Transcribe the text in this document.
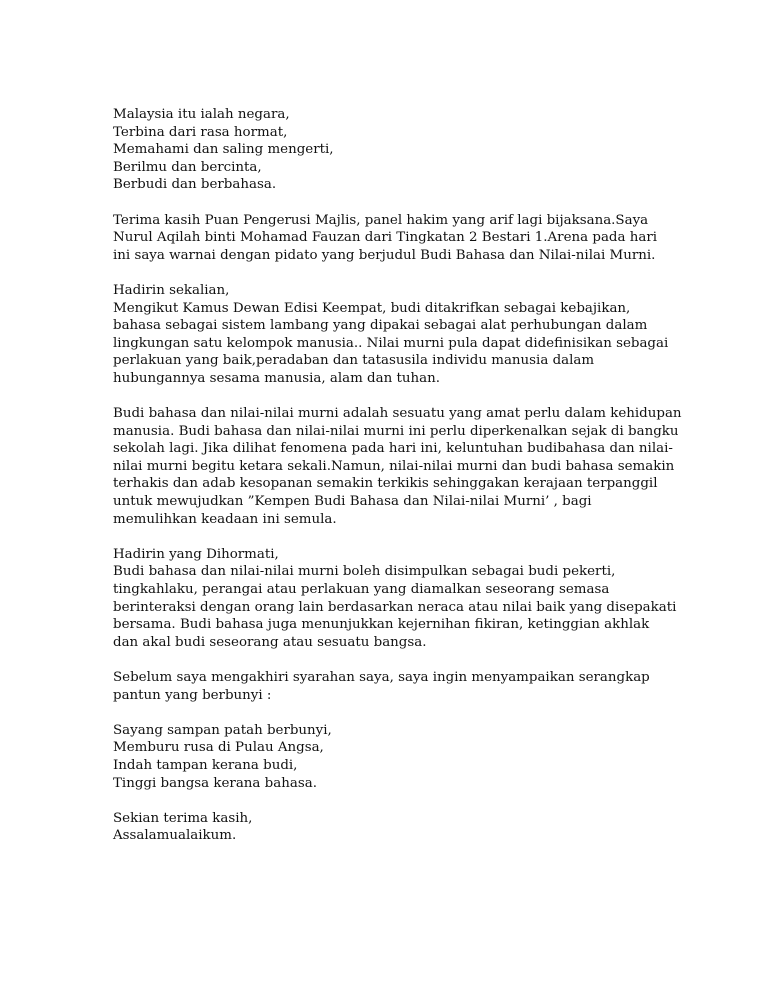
Malaysia itu ialah negara,
Terbina dari rasa hormat,
Memahami dan saling mengerti,
Berilmu dan bercinta,
Berbudi dan berbahasa.
Terima kasih Puan Pengerusi Majlis, panel hakim yang arif lagi bijaksana.Saya
Nurul Aqilah binti Mohamad Fauzan dari Tingkatan 2 Bestari 1.Arena pada hari
ini saya warnai dengan pidato yang berjudul Budi Bahasa dan Nilai-nilai Murni.
Hadirin sekalian,
Mengikut Kamus Dewan Edisi Keempat, budi ditakrifkan sebagai kebajikan,
bahasa sebagai sistem lambang yang dipakai sebagai alat perhubungan dalam
lingkungan satu kelompok manusia.. Nilai murni pula dapat didefinisikan sebagai
perlakuan yang baik,peradaban dan tatasusila individu manusia dalam
hubungannya sesama manusia, alam dan tuhan.
Budi bahasa dan nilai-nilai murni adalah sesuatu yang amat perlu dalam kehidupan
manusia. Budi bahasa dan nilai-nilai murni ini perlu diperkenalkan sejak di bangku
sekolah lagi. Jika dilihat fenomena pada hari ini, keluntuhan budibahasa dan nilai-
nilai murni begitu ketara sekali.Namun, nilai-nilai murni dan budi bahasa semakin
terhakis dan adab kesopanan semakin terkikis sehinggakan kerajaan terpanggil
untuk mewujudkan ”Kempen Budi Bahasa dan Nilai-nilai Murni’ , bagi
memulihkan keadaan ini semula.
Hadirin yang Dihormati,
Budi bahasa dan nilai-nilai murni boleh disimpulkan sebagai budi pekerti,
tingkahlaku, perangai atau perlakuan yang diamalkan seseorang semasa
berinteraksi dengan orang lain berdasarkan neraca atau nilai baik yang disepakati
bersama. Budi bahasa juga menunjukkan kejernihan fikiran, ketinggian akhlak
dan akal budi seseorang atau sesuatu bangsa.
Sebelum saya mengakhiri syarahan saya, saya ingin menyampaikan serangkap
pantun yang berbunyi :
Sayang sampan patah berbunyi,
Memburu rusa di Pulau Angsa,
Indah tampan kerana budi,
Tinggi bangsa kerana bahasa.
Sekian terima kasih,
Assalamualaikum.
